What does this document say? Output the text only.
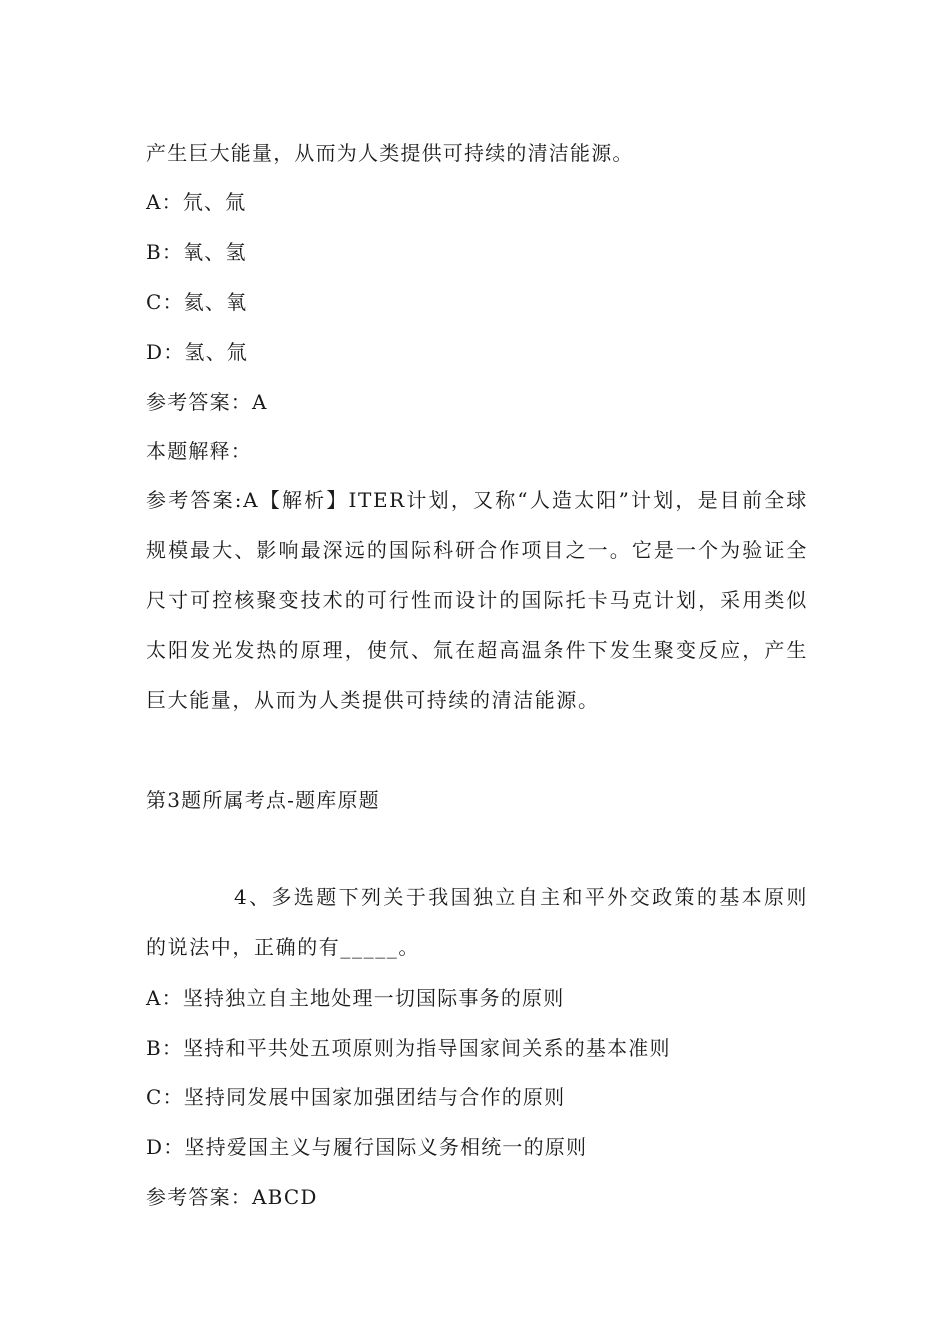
产生巨大能量，从而为人类提供可持续的清洁能源。
A：氘、氚
B：氧、氢
C：氦、氧
D：氢、氚
参考答案：A
本题解释：
参考答案:A【解析】ITER计划，又称“人造太阳”计划，是目前全球规模最大、影响最深远的国际科研合作项目之一。它是一个为验证全尺寸可控核聚变技术的可行性而设计的国际托卡马克计划，采用类似太阳发光发热的原理，使氘、氚在超高温条件下发生聚变反应，产生巨大能量，从而为人类提供可持续的清洁能源。
第3题所属考点-题库原题
4、多选题下列关于我国独立自主和平外交政策的基本原则的说法中，正确的有_____。
A：坚持独立自主地处理一切国际事务的原则
B：坚持和平共处五项原则为指导国家间关系的基本准则
C：坚持同发展中国家加强团结与合作的原则
D：坚持爱国主义与履行国际义务相统一的原则
参考答案：ABCD
